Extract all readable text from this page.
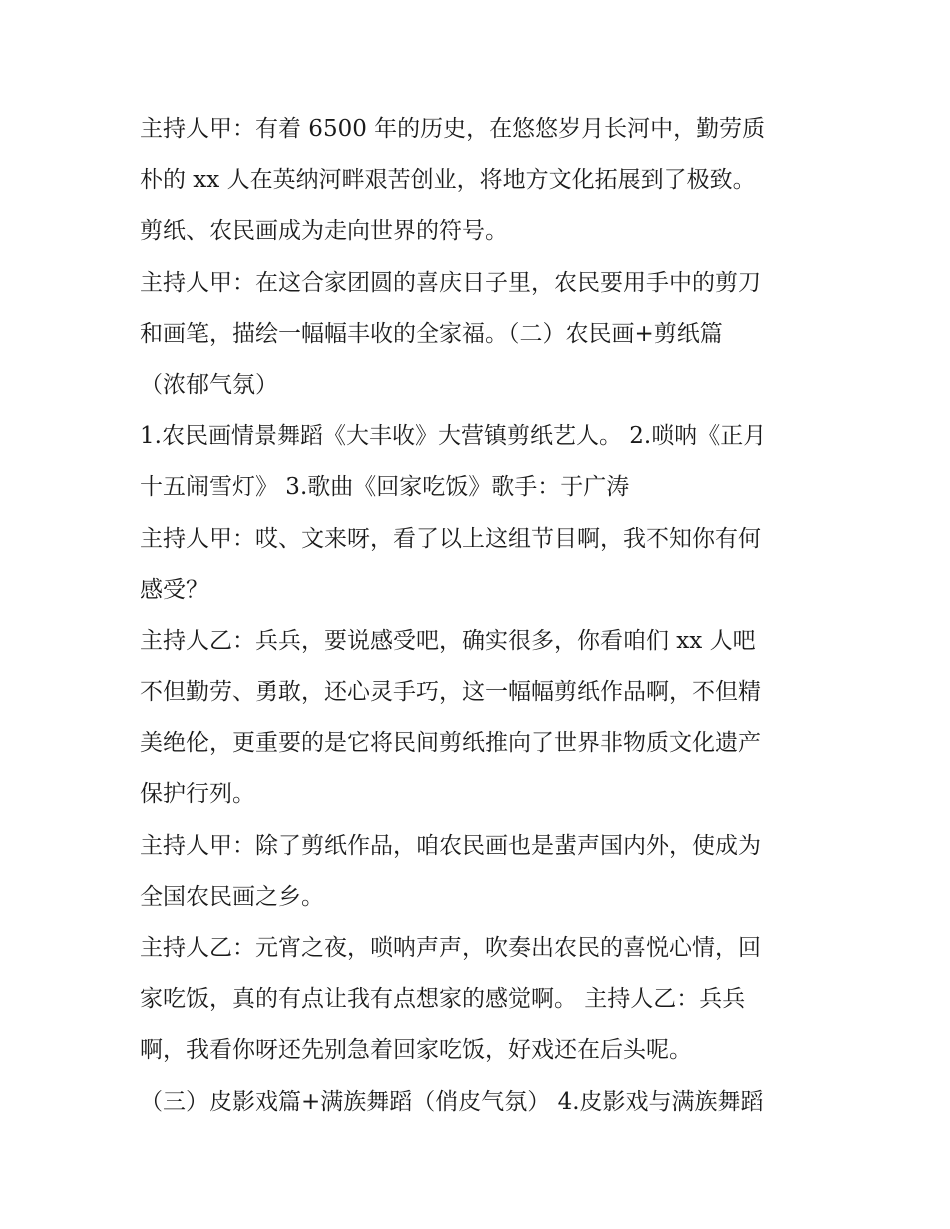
主持人甲：有着 6500 年的历史，在悠悠岁月长河中，勤劳质
朴的 xx 人在英纳河畔艰苦创业，将地方文化拓展到了极致。
剪纸、农民画成为走向世界的符号。
主持人甲：在这合家团圆的喜庆日子里，农民要用手中的剪刀
和画笔，描绘一幅幅丰收的全家福。（二）农民画+剪纸篇
（浓郁气氛）
1.农民画情景舞蹈《大丰收》大营镇剪纸艺人。 2.唢呐《正月
十五闹雪灯》 3.歌曲《回家吃饭》歌手：于广涛
主持人甲：哎、文来呀，看了以上这组节目啊，我不知你有何
感受？
主持人乙：兵兵，要说感受吧，确实很多，你看咱们 xx 人吧
不但勤劳、勇敢，还心灵手巧，这一幅幅剪纸作品啊，不但精
美绝伦，更重要的是它将民间剪纸推向了世界非物质文化遗产
保护行列。
主持人甲：除了剪纸作品，咱农民画也是蜚声国内外，使成为
全国农民画之乡。
主持人乙：元宵之夜，唢呐声声，吹奏出农民的喜悦心情，回
家吃饭，真的有点让我有点想家的感觉啊。 主持人乙：兵兵
啊，我看你呀还先别急着回家吃饭，好戏还在后头呢。
（三）皮影戏篇+满族舞蹈（俏皮气氛） 4.皮影戏与满族舞蹈
